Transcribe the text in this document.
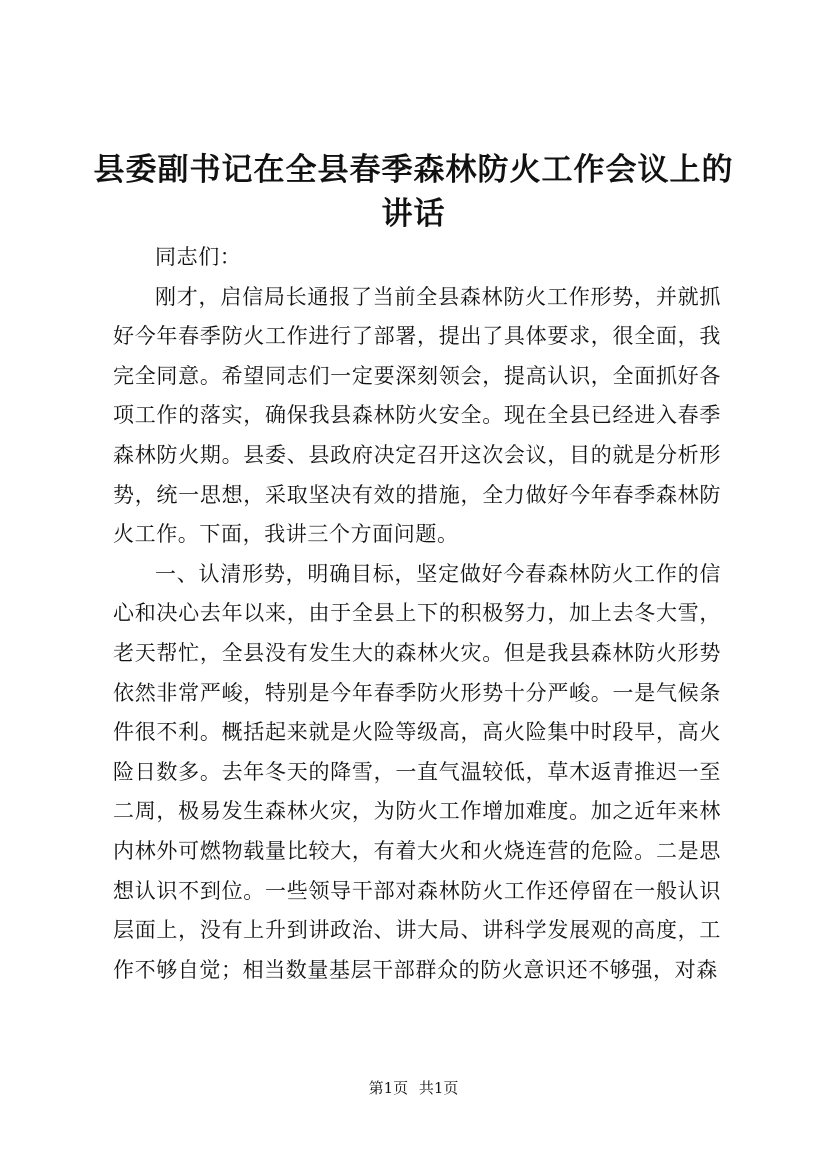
县委副书记在全县春季森林防火工作会议上的
讲话

同志们：

刚才，启信局长通报了当前全县森林防火工作形势，并就抓好今年春季防火工作进行了部署，提出了具体要求，很全面，我完全同意。希望同志们一定要深刻领会，提高认识，全面抓好各项工作的落实，确保我县森林防火安全。现在全县已经进入春季森林防火期。县委、县政府决定召开这次会议，目的就是分析形势，统一思想，采取坚决有效的措施，全力做好今年春季森林防火工作。下面，我讲三个方面问题。

一、认清形势，明确目标，坚定做好今春森林防火工作的信心和决心去年以来，由于全县上下的积极努力，加上去冬大雪，老天帮忙，全县没有发生大的森林火灾。但是我县森林防火形势依然非常严峻，特别是今年春季防火形势十分严峻。一是气候条件很不利。概括起来就是火险等级高，高火险集中时段早，高火险日数多。去年冬天的降雪，一直气温较低，草木返青推迟一至二周，极易发生森林火灾，为防火工作增加难度。加之近年来林内林外可燃物载量比较大，有着大火和火烧连营的危险。二是思想认识不到位。一些领导干部对森林防火工作还停留在一般认识层面上，没有上升到讲政治、讲大局、讲科学发展观的高度，工作不够自觉；相当数量基层干部群众的防火意识还不够强，对森

第1页 共1页
